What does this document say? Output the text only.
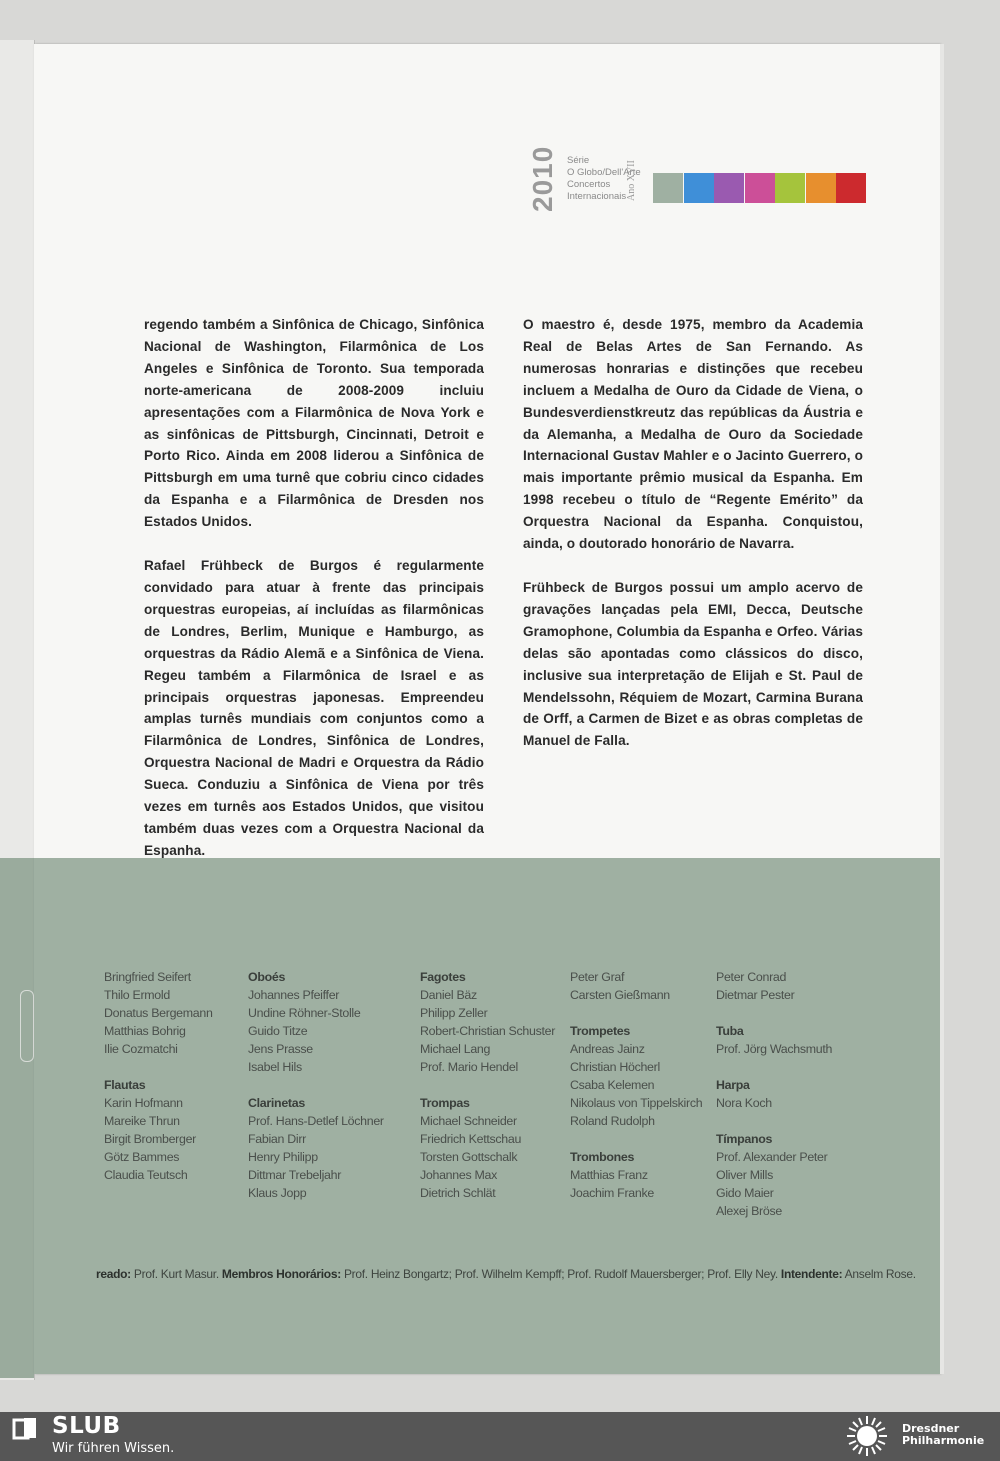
2010 Série
O Globo/Dell'Arte
Concertos
Internacionais Ano XVII

regendo também a Sinfônica de Chicago, Sinfônica Nacional de Washington, Filarmônica de Los Angeles e Sinfônica de Toronto. Sua temporada norte-americana de 2008-2009 incluiu apresentações com a Filarmônica de Nova York e as sinfônicas de Pittsburgh, Cincinnati, Detroit e Porto Rico. Ainda em 2008 liderou a Sinfônica de Pittsburgh em uma turnê que cobriu cinco cidades da Espanha e a Filarmônica de Dresden nos Estados Unidos.

Rafael Frühbeck de Burgos é regularmente convidado para atuar à frente das principais orquestras europeias, aí incluídas as filarmônicas de Londres, Berlim, Munique e Hamburgo, as orquestras da Rádio Alemã e a Sinfônica de Viena. Regeu também a Filarmônica de Israel e as principais orquestras japonesas. Empreendeu amplas turnês mundiais com conjuntos como a Filarmônica de Londres, Sinfônica de Londres, Orquestra Nacional de Madri e Orquestra da Rádio Sueca. Conduziu a Sinfônica de Viena por três vezes em turnês aos Estados Unidos, que visitou também duas vezes com a Orquestra Nacional da Espanha.

O maestro é, desde 1975, membro da Academia Real de Belas Artes de San Fernando. As numerosas honrarias e distinções que recebeu incluem a Medalha de Ouro da Cidade de Viena, o Bundesverdienstkreutz das repúblicas da Áustria e da Alemanha, a Medalha de Ouro da Sociedade Internacional Gustav Mahler e o Jacinto Guerrero, o mais importante prêmio musical da Espanha. Em 1998 recebeu o título de “Regente Emérito” da Orquestra Nacional da Espanha. Conquistou, ainda, o doutorado honorário de Navarra.

Frühbeck de Burgos possui um amplo acervo de gravações lançadas pela EMI, Decca, Deutsche Gramophone, Columbia da Espanha e Orfeo. Várias delas são apontadas como clássicos do disco, inclusive sua interpretação de Elijah e St. Paul de Mendelssohn, Réquiem de Mozart, Carmina Burana de Orff, a Carmen de Bizet e as obras completas de Manuel de Falla.

Bringfried Seifert
Thilo Ermold
Donatus Bergemann
Matthias Bohrig
Ilie Cozmatchi
Flautas
Karin Hofmann
Mareike Thrun
Birgit Bromberger
Götz Bammes
Claudia Teutsch
Oboés
Johannes Pfeiffer
Undine Röhner-Stolle
Guido Titze
Jens Prasse
Isabel Hils
Clarinetas
Prof. Hans-Detlef Löchner
Fabian Dirr
Henry Philipp
Dittmar Trebeljahr
Klaus Jopp
Fagotes
Daniel Bäz
Philipp Zeller
Robert-Christian Schuster
Michael Lang
Prof. Mario Hendel
Trompas
Michael Schneider
Friedrich Kettschau
Torsten Gottschalk
Johannes Max
Dietrich Schlät
Peter Graf
Carsten Gießmann
Trompetes
Andreas Jainz
Christian Höcherl
Csaba Kelemen
Nikolaus von Tippelskirch
Roland Rudolph
Trombones
Matthias Franz
Joachim Franke
Peter Conrad
Dietmar Pester
Tuba
Prof. Jörg Wachsmuth
Harpa
Nora Koch
Tímpanos
Prof. Alexander Peter
Oliver Mills
Gido Maier
Alexej Bröse
reado: Prof. Kurt Masur. Membros Honorários: Prof. Heinz Bongartz; Prof. Wilhelm Kempff; Prof. Rudolf Mauersberger; Prof. Elly Ney. Intendente: Anselm Rose.
SLUB
Wir führen Wissen.
Dresdner
Philharmonie
